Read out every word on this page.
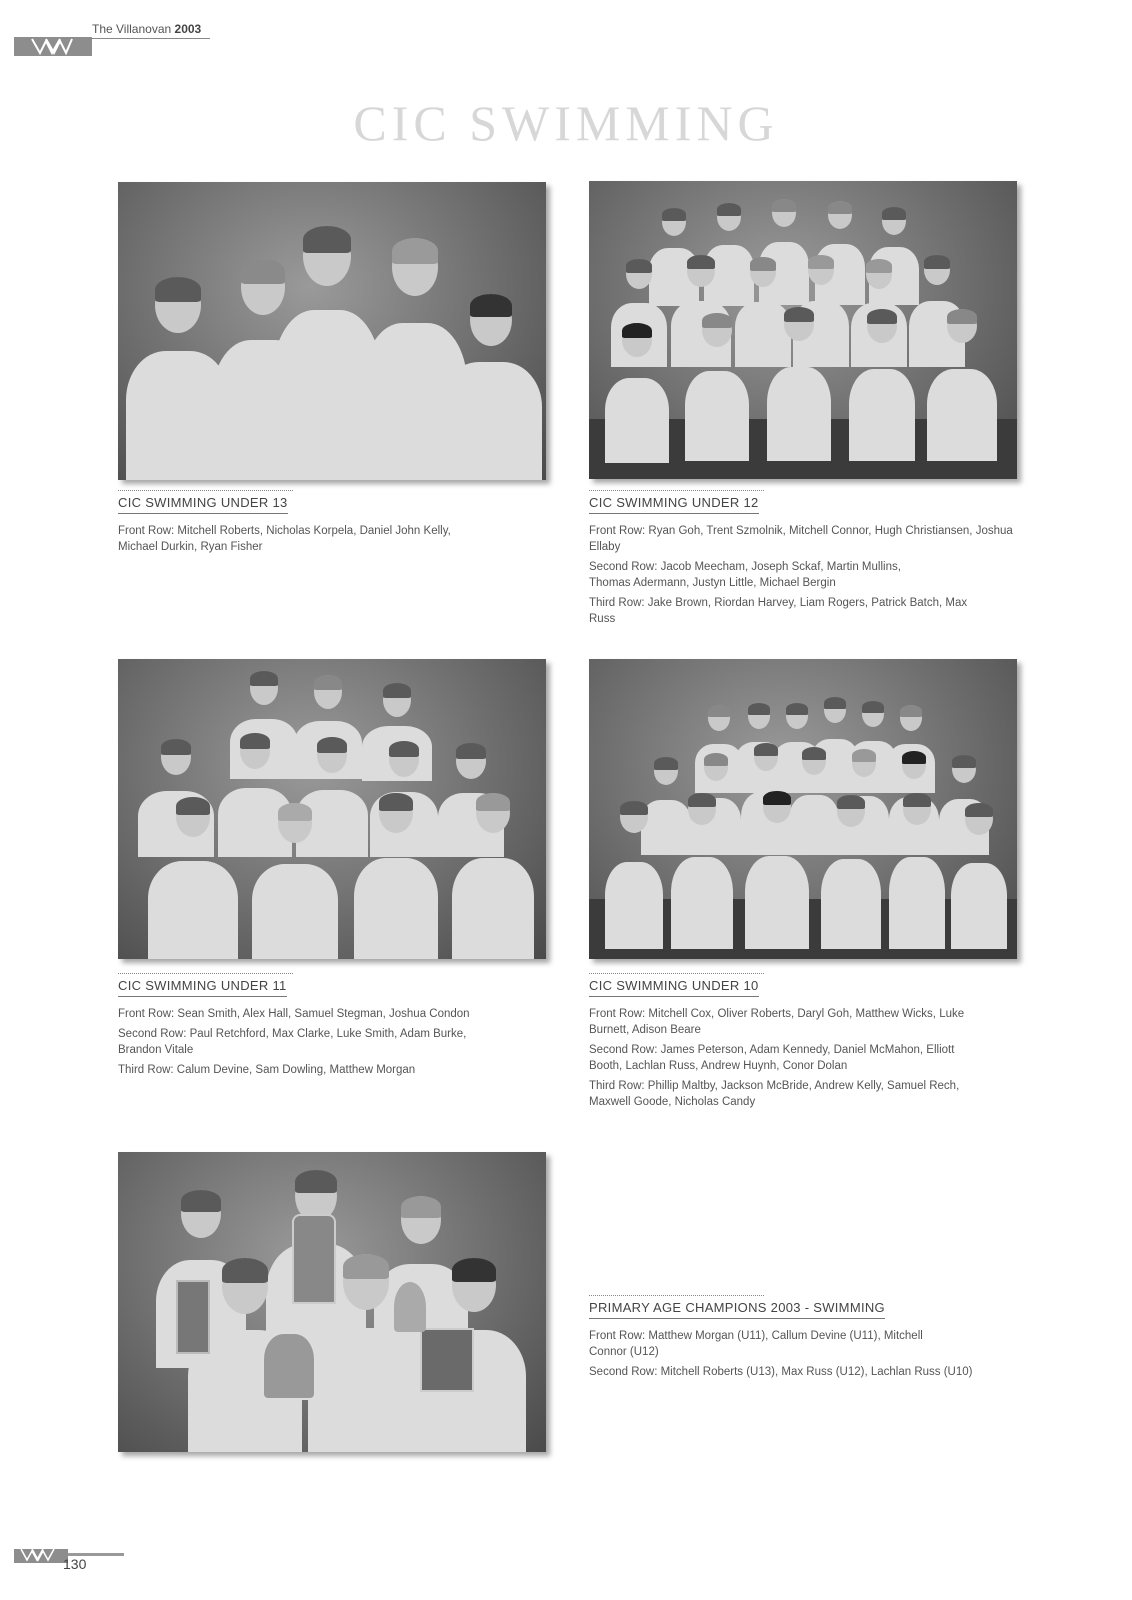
The Villanovan 2003
CIC SWIMMING
CIC SWIMMING UNDER 13
Front Row: Mitchell Roberts, Nicholas Korpela, Daniel John Kelly, Michael Durkin, Ryan Fisher
CIC SWIMMING UNDER 12
Front Row: Ryan Goh, Trent Szmolnik, Mitchell Connor, Hugh Christiansen, Joshua Ellaby
Second Row: Jacob Meecham, Joseph Sckaf, Martin Mullins, Thomas Adermann, Justyn Little, Michael Bergin
Third Row: Jake Brown, Riordan Harvey, Liam Rogers, Patrick Batch, Max Russ
CIC SWIMMING UNDER 11
Front Row: Sean Smith, Alex Hall, Samuel Stegman, Joshua Condon
Second Row: Paul Retchford, Max Clarke, Luke Smith, Adam Burke, Brandon Vitale
Third Row: Calum Devine, Sam Dowling, Matthew Morgan
CIC SWIMMING UNDER 10
Front Row: Mitchell Cox, Oliver Roberts, Daryl Goh, Matthew Wicks, Luke Burnett, Adison Beare
Second Row: James Peterson, Adam Kennedy, Daniel McMahon, Elliott Booth, Lachlan Russ, Andrew Huynh, Conor Dolan
Third Row: Phillip Maltby, Jackson McBride, Andrew Kelly, Samuel Rech, Maxwell Goode, Nicholas Candy
PRIMARY AGE CHAMPIONS 2003 - SWIMMING
Front Row: Matthew Morgan (U11), Callum Devine (U11), Mitchell Connor (U12)
Second Row: Mitchell Roberts (U13), Max Russ (U12), Lachlan Russ (U10)
130
